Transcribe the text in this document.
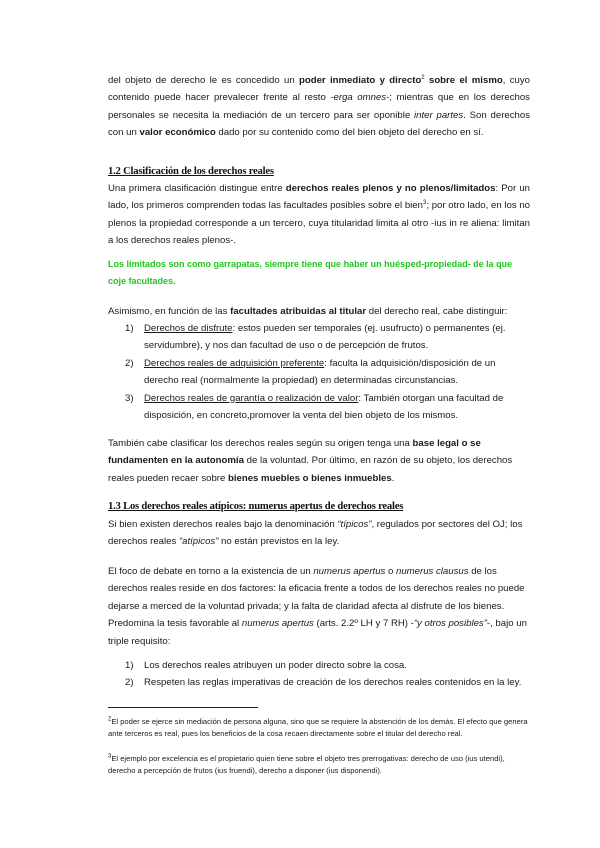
del objeto de derecho le es concedido un poder inmediato y directo$^2$ sobre el mismo, cuyo contenido puede hacer prevalecer frente al resto -erga omnes-; mientras que en los derechos personales se necesita la mediación de un tercero para ser oponible inter partes. Son derechos con un valor económico dado por su contenido como del bien objeto del derecho en sí.
1.2 Clasificación de los derechos reales
Una primera clasificación distingue entre derechos reales plenos y no plenos/limitados: Por un lado, los primeros comprenden todas las facultades posibles sobre el bien$^3$; por otro lado, en los no plenos la propiedad corresponde a un tercero, cuya titularidad limita al otro -ius in re aliena: limitan a los derechos reales plenos-.
Los limitados son como garrapatas, siempre tiene que haber un huésped-propiedad- de la que coje facultades.
Asimismo, en función de las facultades atribuidas al titular del derecho real, cabe distinguir:
1) Derechos de disfrute: estos pueden ser temporales (ej. usufructo) o permanentes (ej. servidumbre), y nos dan facultad de uso o de percepción de frutos.
2) Derechos reales de adquisición preferente: faculta la adquisición/disposición de un derecho real (normalmente la propiedad) en determinadas circunstancias.
3) Derechos reales de garantía o realización de valor: También otorgan una facultad de disposición, en concreto,promover la venta del bien objeto de los mismos.
También cabe clasificar los derechos reales según su origen tenga una base legal o se fundamenten en la autonomía de la voluntad. Por último, en razón de su objeto, los derechos reales pueden recaer sobre bienes muebles o bienes inmuebles.
1.3 Los derechos reales atípicos: numerus apertus de derechos reales
Si bien existen derechos reales bajo la denominación “típicos”, regulados por sectores del OJ; los derechos reales “atípicos” no están previstos en la ley.
El foco de debate en torno a la existencia de un numerus apertus o numerus clausus de los derechos reales reside en dos factores: la eficacia frente a todos de los derechos reales no puede dejarse a merced de la voluntad privada; y la falta de claridad afecta al disfrute de los bienes. Predomina la tesis favorable al numerus apertus (arts. 2.2º LH y 7 RH) -“y otros posibles”-, bajo un triple requisito:
1) Los derechos reales atribuyen un poder directo sobre la cosa.
2) Respeten las reglas imperativas de creación de los derechos reales contenidos en la ley.
$^2$El poder se ejerce sin mediación de persona alguna, sino que se requiere la abstención de los demás. El efecto que genera ante terceros es real, pues los beneficios de la cosa recaen directamente sobre el titular del derecho real.
$^3$El ejemplo por excelencia es el propietario quien tiene sobre el objeto tres prerrogativas: derecho de uso (ius utendi), derecho a percepción de frutos (ius fruendi), derecho a disponer (ius disponendi).
